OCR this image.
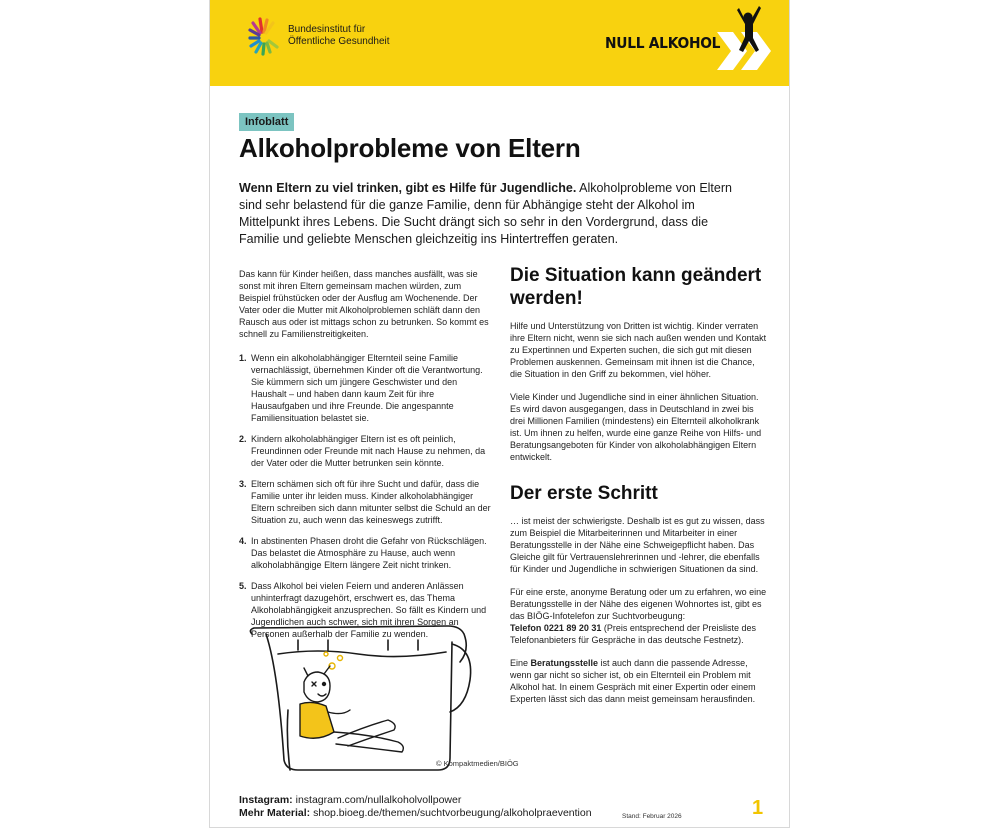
Bundesinstitut für
Öffentliche Gesundheit	NULL ALKOHOL
Infoblatt
Alkoholprobleme von Eltern

Wenn Eltern zu viel trinken, gibt es Hilfe für Jugendliche. Alkoholprobleme von Eltern sind sehr belastend für die ganze Familie, denn für Abhängige steht der Alkohol im Mittelpunkt ihres Lebens. Die Sucht drängt sich so sehr in den Vordergrund, dass die Familie und geliebte Menschen gleichzeitig ins Hintertreffen geraten.

Das kann für Kinder heißen, dass manches ausfällt, was sie sonst mit ihren Eltern gemeinsam machen würden, zum Beispiel frühstücken oder der Ausflug am Wochenende. Der Vater oder die Mutter mit Alkoholproblemen schläft dann den Rausch aus oder ist mittags schon zu betrunken. So kommt es schnell zu Familienstreitigkeiten.

1. Wenn ein alkoholabhängiger Elternteil seine Familie vernachlässigt, übernehmen Kinder oft die Verantwortung. Sie kümmern sich um jüngere Geschwister und den Haushalt – und haben dann kaum Zeit für ihre Hausaufgaben und ihre Freunde. Die angespannte Familiensituation belastet sie.
2. Kindern alkoholabhängiger Eltern ist es oft peinlich, Freundinnen oder Freunde mit nach Hause zu nehmen, da der Vater oder die Mutter betrunken sein könnte.
3. Eltern schämen sich oft für ihre Sucht und dafür, dass die Familie unter ihr leiden muss. Kinder alkoholabhängiger Eltern schreiben sich dann mitunter selbst die Schuld an der Situation zu, auch wenn das keineswegs zutrifft.
4. In abstinenten Phasen droht die Gefahr von Rückschlägen. Das belastet die Atmosphäre zu Hause, auch wenn alkoholabhängige Eltern längere Zeit nicht trinken.
5. Dass Alkohol bei vielen Feiern und anderen Anlässen unhinterfragt dazugehört, erschwert es, das Thema Alkoholabhängigkeit anzusprechen. So fällt es Kindern und Jugendlichen auch schwer, sich mit ihren Sorgen an Personen außerhalb der Familie zu wenden.
© Kompaktmedien/BIÖG
Die Situation kann geändert werden!

Hilfe und Unterstützung von Dritten ist wichtig. Kinder verraten ihre Eltern nicht, wenn sie sich nach außen wenden und Kontakt zu Expertinnen und Experten suchen, die sich gut mit diesen Problemen auskennen. Gemeinsam mit ihnen ist die Chance, die Situation in den Griff zu bekommen, viel höher.

Viele Kinder und Jugendliche sind in einer ähnlichen Situation. Es wird davon ausgegangen, dass in Deutschland in zwei bis drei Millionen Familien (mindestens) ein Elternteil alkoholkrank ist. Um ihnen zu helfen, wurde eine ganze Reihe von Hilfs- und Beratungsangeboten für Kinder von alkoholabhängigen Eltern entwickelt.

Der erste Schritt

… ist meist der schwierigste. Deshalb ist es gut zu wissen, dass zum Beispiel die Mitarbeiterinnen und Mitarbeiter in einer Beratungsstelle in der Nähe eine Schweigepflicht haben. Das Gleiche gilt für Vertrauenslehrerinnen und -lehrer, die ebenfalls für Kinder und Jugendliche in schwierigen Situationen da sind.

Für eine erste, anonyme Beratung oder um zu erfahren, wo eine Beratungsstelle in der Nähe des eigenen Wohnortes ist, gibt es das BIÖG-Infotelefon zur Suchtvorbeugung:
Telefon 0221 89 20 31 (Preis entsprechend der Preisliste des Telefonanbieters für Gespräche in das deutsche Festnetz).

Eine Beratungsstelle ist auch dann die passende Adresse, wenn gar nicht so sicher ist, ob ein Elternteil ein Problem mit Alkohol hat. In einem Gespräch mit einer Expertin oder einem Experten lässt sich das dann meist gemeinsam herausfinden.

Instagram: instagram.com/nullalkoholvollpower
Mehr Material: shop.bioeg.de/themen/suchtvorbeugung/alkoholpraevention	Stand: Februar 2026	1
